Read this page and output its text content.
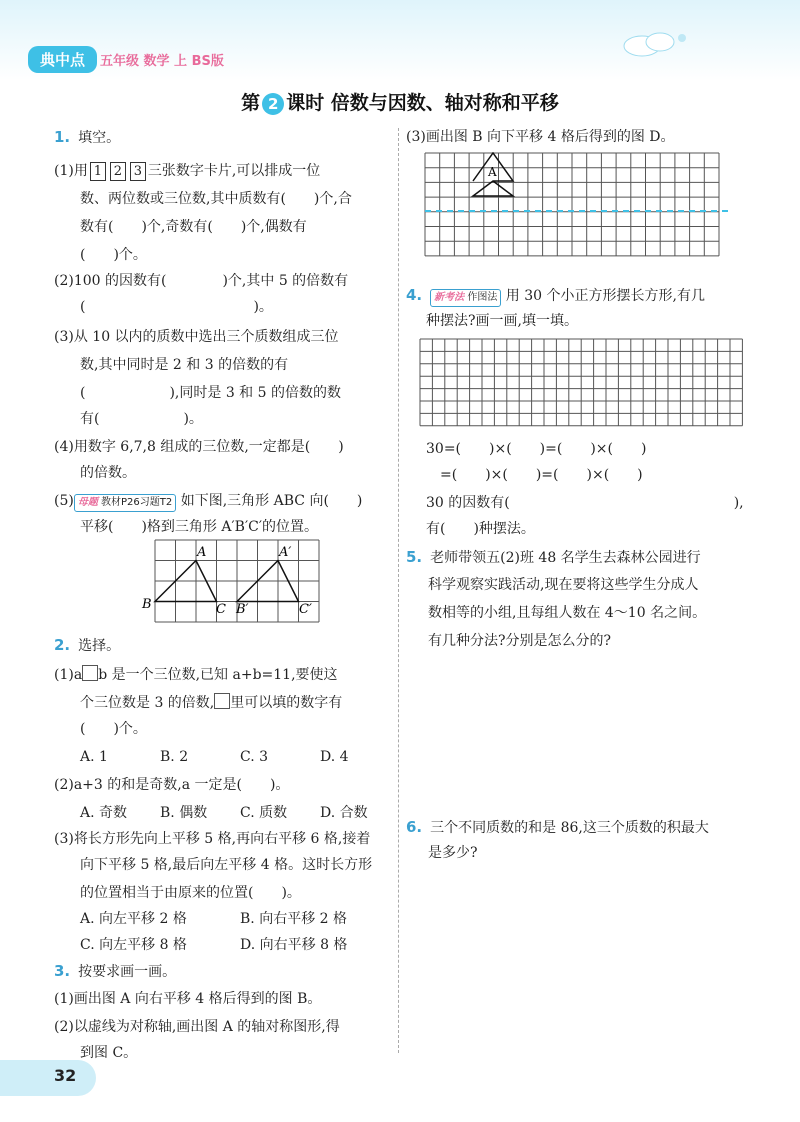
典中点	五年级 数学 上 BS版
第 2 课时 倍数与因数、轴对称和平移
1. 填空。
(1)用 1 2 3 三张数字卡片,可以排成一位
数、两位数或三位数,其中质数有(　　)个,合
数有(　　)个,奇数有(　　)个,偶数有
(　　)个。
(2)100 的因数有(　　　　)个,其中 5 的倍数有
(　　　　　　　　　　　　)。
(3)从 10 以内的质数中选出三个质数组成三位
数,其中同时是 2 和 3 的倍数的有
(　　　　　　),同时是 3 和 5 的倍数的数
有(　　　　　　)。
(4)用数字 6,7,8 组成的三位数,一定都是(　　)
的倍数。
(5) 母题 教材P26习题T2 如下图,三角形 ABC 向(　　)
平移(　　)格到三角形 A′B′C′的位置。
A
B	C
A′
B′	C′
2. 选择。
(1)a b 是一个三位数,已知 a+b=11,要使这
个三位数是 3 的倍数, 里可以填的数字有
(　　)个。
A. 1	B. 2	C. 3	D. 4
(2)a+3 的和是奇数,a 一定是(　　)。
A. 奇数 B. 偶数 C. 质数 D. 合数
(3)将长方形先向上平移 5 格,再向右平移 6 格,接着
向下平移 5 格,最后向左平移 4 格。这时长方形
的位置相当于由原来的位置(　　)。
A. 向左平移 2 格	B. 向右平移 2 格
C. 向左平移 8 格	D. 向右平移 8 格
3. 按要求画一画。
(1)画出图 A 向右平移 4 格后得到的图 B。
(2)以虚线为对称轴,画出图 A 的轴对称图形,得
到图 C。
(3)画出图 B 向下平移 4 格后得到的图 D。
A
4. 新考法 作图法 用 30 个小正方形摆长方形,有几
种摆法?画一画,填一填。
30=(　　)×(　　)=(　　)×(　　)
=(　　)×(　　)=(　　)×(　　)
30 的因数有(　　　　　　　　　　　　　　　　),
有(　　)种摆法。
5. 老师带领五(2)班 48 名学生去森林公园进行
科学观察实践活动,现在要将这些学生分成人
数相等的小组,且每组人数在 4～10 名之间。
有几种分法?分别是怎么分的?
6. 三个不同质数的和是 86,这三个质数的积最大
是多少?
32
